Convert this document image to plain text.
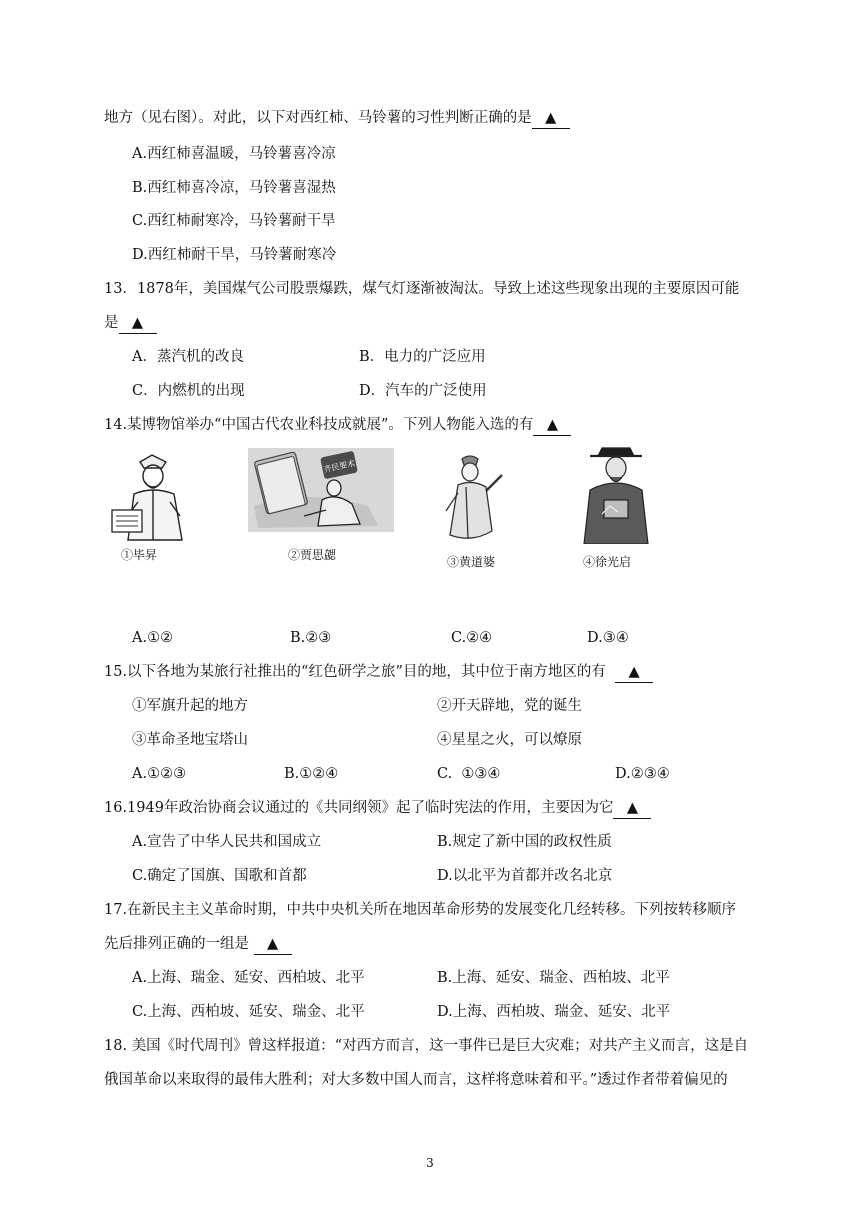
地方（见右图）。对此，以下对西红柿、马铃薯的习性判断正确的是 ▲
A.西红柿喜温暖，马铃薯喜冷凉
B.西红柿喜冷凉，马铃薯喜湿热
C.西红柿耐寒冷，马铃薯耐干旱
D.西红柿耐干旱，马铃薯耐寒冷
13．1878年，美国煤气公司股票爆跌，煤气灯逐渐被淘汰。导致上述这些现象出现的主要原因可能
是 ▲
A．蒸汽机的改良	B．电力的广泛应用
C．内燃机的出现	D．汽车的广泛使用
14.某博物馆举办“中国古代农业科技成就展”。下列人物能入选的有 ▲
①毕昇
齐民要术
②贾思勰	③黄道婆	④徐光启
A.①②	B.②③	C.②④	D.③④
15.以下各地为某旅行社推出的“红色研学之旅”目的地，其中位于南方地区的有 ▲
①军旗升起的地方	②开天辟地，党的诞生
③革命圣地宝塔山	④星星之火，可以燎原
A.①②③	B.①②④	C.  ①③④	D.②③④
16.1949年政治协商会议通过的《共同纲领》起了临时宪法的作用，主要因为它 ▲
A.宣告了中华人民共和国成立	B.规定了新中国的政权性质
C.确定了国旗、国歌和首都	D.以北平为首都并改名北京
17.在新民主主义革命时期，中共中央机关所在地因革命形势的发展变化几经转移。下列按转移顺序
先后排列正确的一组是 ▲
A.上海、瑞金、延安、西柏坡、北平	B.上海、延安、瑞金、西柏坡、北平
C.上海、西柏坡、延安、瑞金、北平	D.上海、西柏坡、瑞金、延安、北平
18. 美国《时代周刊》曾这样报道：“对西方而言，这一事件已是巨大灾难；对共产主义而言，这是自
俄国革命以来取得的最伟大胜利；对大多数中国人而言，这样将意味着和平。”透过作者带着偏见的
3
